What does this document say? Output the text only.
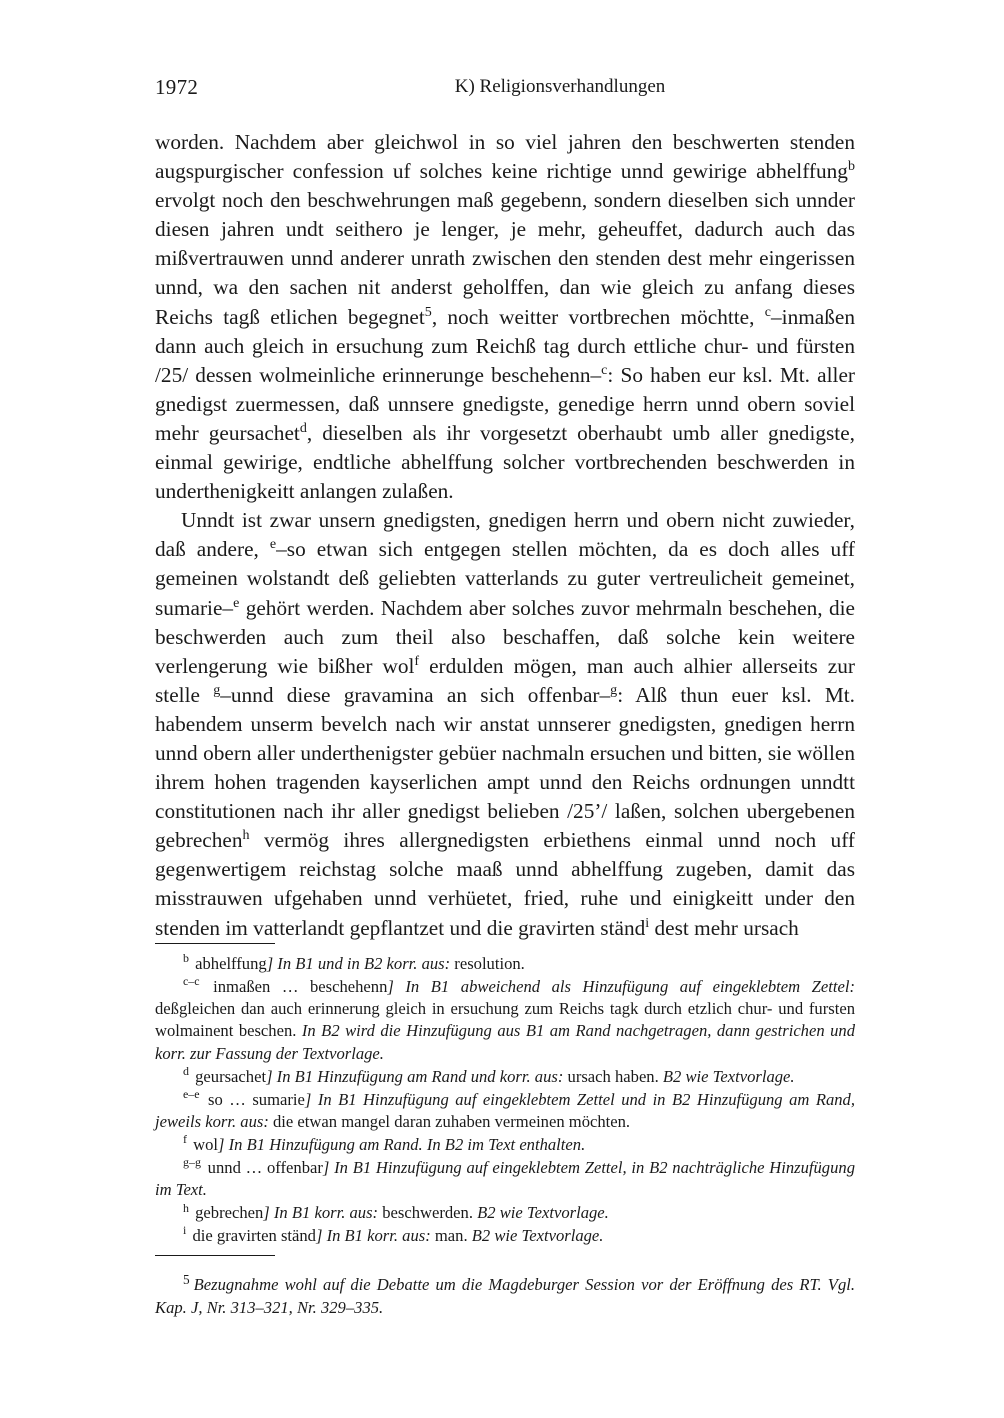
1972	K) Religionsverhandlungen

worden. Nachdem aber gleichwol in so viel jahren den beschwerten stenden augspurgischer confession uf solches keine richtige unnd gewirige abhelffung$^b$ ervolgt noch den beschwehrungen maß gegebenn, sondern dieselben sich unnder diesen jahren undt seithero je lenger, je mehr, geheuffet, dadurch auch das mißvertrauwen unnd anderer unrath zwischen den stenden dest mehr eingerissen unnd, wa den sachen nit anderst geholffen, dan wie gleich zu anfang dieses Reichs tagß etlichen begegnet$^5$, noch weitter vortbrechen möchtte, $^c$–inmaßen dann auch gleich in ersuchung zum Reichß tag durch ettliche chur- und fürsten /25/ dessen wolmeinliche erinnerunge beschehenn–$^c$: So haben eur ksl. Mt. aller gnedigst zuermessen, daß unnsere gnedigste, genedige herrn unnd obern soviel mehr geursachet$^d$, dieselben als ihr vorgesetzt oberhaubt umb aller gnedigste, einmal gewirige, endtliche abhelffung solcher vortbrechenden beschwerden in underthenigkeitt anlangen zulaßen.

Unndt ist zwar unsern gnedigsten, gnedigen herrn und obern nicht zuwieder, daß andere, $^e$–so etwan sich entgegen stellen möchten, da es doch alles uff gemeinen wolstandt deß geliebten vatterlands zu guter vertreulicheit gemeinet, sumarie–$^e$ gehört werden. Nachdem aber solches zuvor mehrmaln beschehen, die beschwerden auch zum theil also beschaffen, daß solche kein weitere verlengerung wie bißher wol$^f$ erdulden mögen, man auch alhier allerseits zur stelle $^g$–unnd diese gravamina an sich offenbar–$^g$: Alß thun euer ksl. Mt. habendem unserm bevelch nach wir anstat unnserer gnedigsten, gnedigen herrn unnd obern aller underthenigster gebüer nachmaln ersuchen und bitten, sie wöllen ihrem hohen tragenden kayserlichen ampt unnd den Reichs ordnungen unndtt constitutionen nach ihr aller gnedigst belieben /25’/ laßen, solchen ubergebenen gebrechen$^h$ vermög ihres allergnedigsten erbiethens einmal unnd noch uff gegenwertigem reichstag solche maaß unnd abhelffung zugeben, damit das misstrauwen ufgehaben unnd verhüetet, fried, ruhe und einigkeitt under den stenden im vatterlandt gepflantzet und die gravirten ständ$^i$ dest mehr ursach

$^b$ abhelffung] In B1 und in B2 korr. aus: resolution.

$^{c-c}$ inmaßen … beschehenn] In B1 abweichend als Hinzufügung auf eingeklebtem Zettel: deßgleichen dan auch erinnerung gleich in ersuchung zum Reichs tagk durch etzlich chur- und fursten wolmainent beschen. In B2 wird die Hinzufügung aus B1 am Rand nachgetragen, dann gestrichen und korr. zur Fassung der Textvorlage.

$^d$ geursachet] In B1 Hinzufügung am Rand und korr. aus: ursach haben. B2 wie Textvorlage.

$^{e-e}$ so … sumarie] In B1 Hinzufügung auf eingeklebtem Zettel und in B2 Hinzufügung am Rand, jeweils korr. aus: die etwan mangel daran zuhaben vermeinen möchten.

$^f$ wol] In B1 Hinzufügung am Rand. In B2 im Text enthalten.

$^{g-g}$ unnd … offenbar] In B1 Hinzufügung auf eingeklebtem Zettel, in B2 nachträgliche Hinzufügung im Text.

$^h$ gebrechen] In B1 korr. aus: beschwerden. B2 wie Textvorlage.

$^i$ die gravirten ständ] In B1 korr. aus: man. B2 wie Textvorlage.

$^5$ Bezugnahme wohl auf die Debatte um die Magdeburger Session vor der Eröffnung des RT. Vgl. Kap. J, Nr. 313–321, Nr. 329–335.
